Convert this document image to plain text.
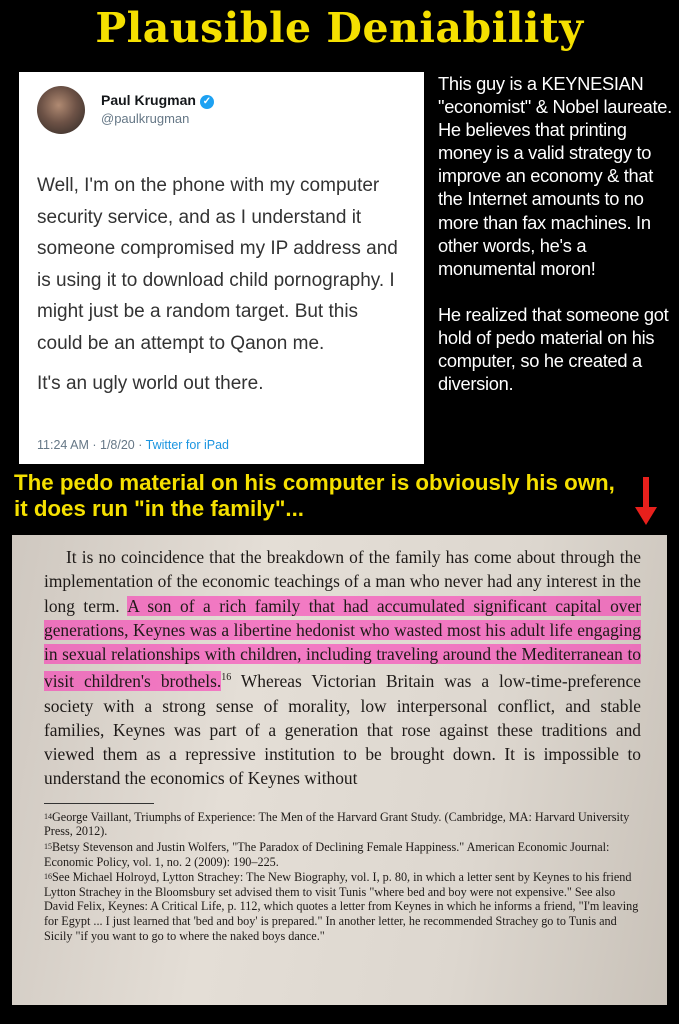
Plausible Deniability
Paul Krugman ✓
@paulkrugman

Well, I'm on the phone with my computer security service, and as I understand it someone compromised my IP address and is using it to download child pornography. I might just be a random target. But this could be an attempt to Qanon me.

It's an ugly world out there.

11:24 AM · 1/8/20 · Twitter for iPad

This guy is a KEYNESIAN "economist" & Nobel laureate. He believes that printing money is a valid strategy to improve an economy & that the Internet amounts to no more than fax machines. In other words, he's a monumental moron!

He realized that someone got hold of pedo material on his computer, so he created a diversion.

The pedo material on his computer is obviously his own, it does run "in the family"...

It is no coincidence that the breakdown of the family has come about through the implementation of the economic teachings of a man who never had any interest in the long term. A son of a rich family that had accumulated significant capital over generations, Keynes was a libertine hedonist who wasted most his adult life engaging in sexual relationships with children, including traveling around the Mediterranean to visit children's brothels.$^{16}$ Whereas Victorian Britain was a low-time-preference society with a strong sense of morality, low interpersonal conflict, and stable families, Keynes was part of a generation that rose against these traditions and viewed them as a repressive institution to be brought down. It is impossible to understand the economics of Keynes without

$^{14}$George Vaillant, Triumphs of Experience: The Men of the Harvard Grant Study. (Cambridge, MA: Harvard University Press, 2012).

$^{15}$Betsy Stevenson and Justin Wolfers, "The Paradox of Declining Female Happiness." American Economic Journal: Economic Policy, vol. 1, no. 2 (2009): 190–225.

$^{16}$See Michael Holroyd, Lytton Strachey: The New Biography, vol. I, p. 80, in which a letter sent by Keynes to his friend Lytton Strachey in the Bloomsbury set advised them to visit Tunis "where bed and boy were not expensive." See also David Felix, Keynes: A Critical Life, p. 112, which quotes a letter from Keynes in which he informs a friend, "I'm leaving for Egypt ... I just learned that 'bed and boy' is prepared." In another letter, he recommended Strachey go to Tunis and Sicily "if you want to go to where the naked boys dance."
